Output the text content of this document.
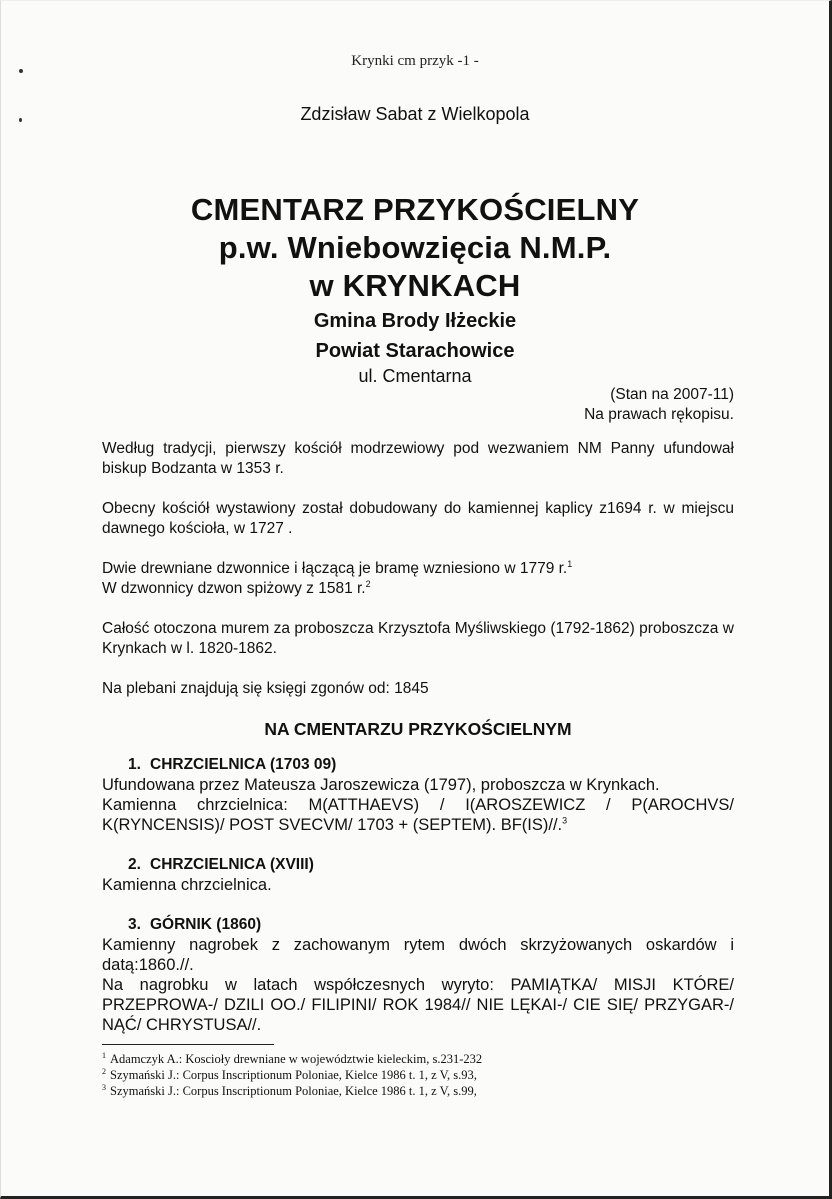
Krynki cm przyk -1 -
Zdzisław Sabat z Wielkopola
CMENTARZ PRZYKOŚCIELNY
p.w. Wniebowzięcia N.M.P.
w KRYNKACH
Gmina Brody Iłżeckie
Powiat Starachowice
ul. Cmentarna
(Stan na 2007-11)
Na prawach rękopisu.

Według tradycji, pierwszy kościół modrzewiowy pod wezwaniem NM Panny ufundował biskup Bodzanta w 1353 r.

Obecny kościół wystawiony został dobudowany do kamiennej kaplicy z1694 r. w miejscu dawnego kościoła, w 1727 .

Dwie drewniane dzwonnice i łączącą je bramę wzniesiono w 1779 r.$^1$
W dzwonnicy dzwon spiżowy z 1581 r.$^2$

Całość otoczona murem za proboszcza Krzysztofa Myśliwskiego (1792-1862) proboszcza w Krynkach w l. 1820-1862.

Na plebani znajdują się księgi zgonów od: 1845

NA CMENTARZU PRZYKOŚCIELNYM
1. CHRZCIELNICA (1703 09)
Ufundowana przez Mateusza Jaroszewicza (1797), proboszcza w Krynkach.
Kamienna chrzcielnica: M(ATTHAEVS) / I(AROSZEWICZ / P(AROCHVS/ K(RYNCENSIS)/ POST SVECVM/ 1703 + (SEPTEM). BF(IS)//.$^3$
2. CHRZCIELNICA (XVIII)
Kamienna chrzcielnica.
3. GÓRNIK (1860)
Kamienny nagrobek z zachowanym rytem dwóch skrzyżowanych oskardów i datą:1860.//.
Na nagrobku w latach współczesnych wyryto: PAMIĄTKA/ MISJI KTÓRE/ PRZEPROWA-/ DZILI OO./ FILIPINI/ ROK 1984// NIE LĘKAI-/ CIE SIĘ/ PRZYGAR-/ NĄĆ/ CHRYSTUSA//.
$^1$ Adamczyk A.: Kosciołу drewniane w województwie kieleckim, s.231-232
$^2$ Szymański J.: Corpus Inscriptionum Poloniae, Kielce 1986 t. 1, z V, s.93,
$^3$ Szymański J.: Corpus Inscriptionum Poloniae, Kielce 1986 t. 1, z V, s.99,
